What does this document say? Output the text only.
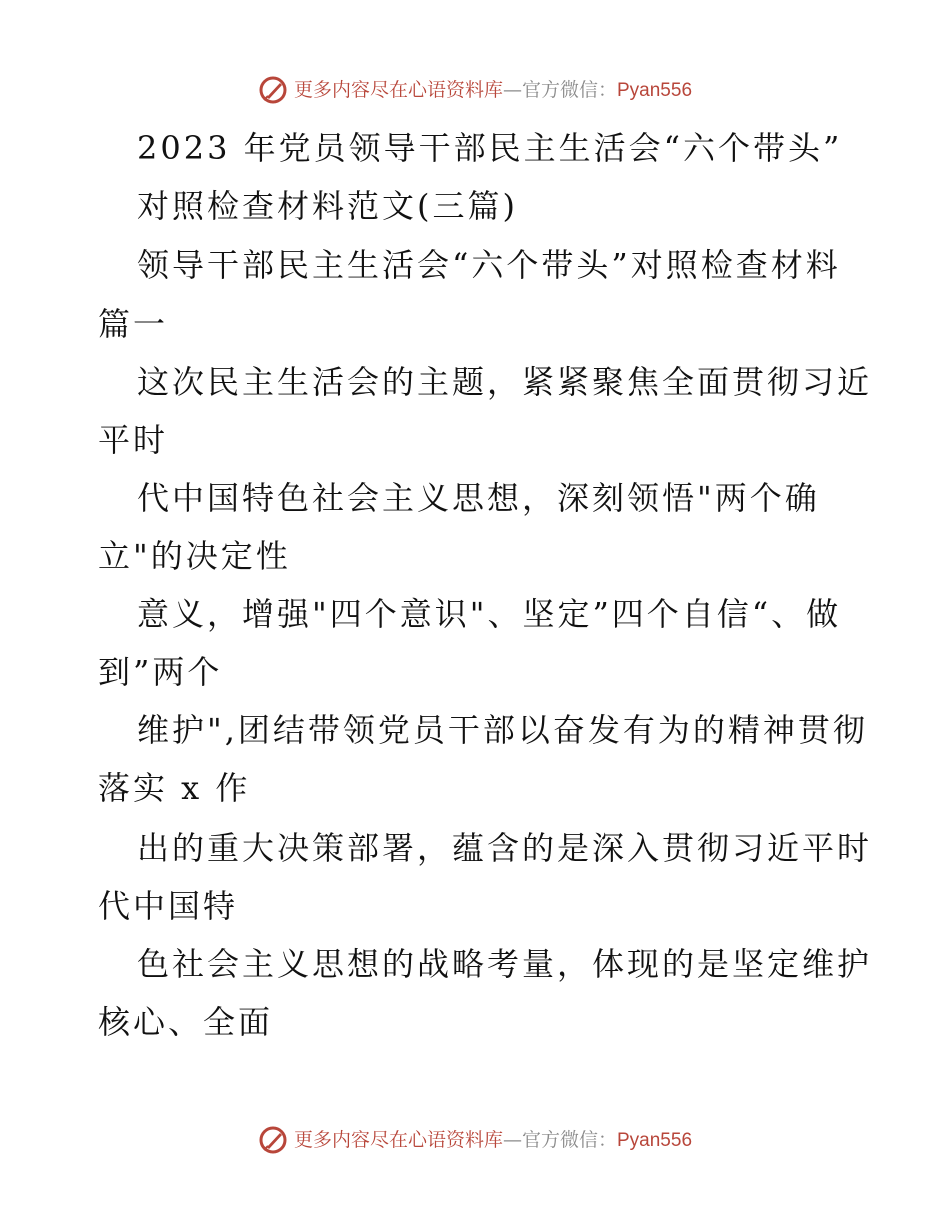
更多内容尽在心语资料库—官方微信：Pyan556
2023 年党员领导干部民主生活会“六个带头”
对照检查材料范文(三篇)
领导干部民主生活会“六个带头”对照检查材料
篇一
这次民主生活会的主题，紧紧聚焦全面贯彻习近
平时
代中国特色社会主义思想，深刻领悟"两个确
立"的决定性
意义，增强"四个意识"、坚定”四个自信“、做
到”两个
维护",团结带领党员干部以奋发有为的精神贯彻
落实 x 作
出的重大决策部署，蕴含的是深入贯彻习近平时
代中国特
色社会主义思想的战略考量，体现的是坚定维护
核心、全面
更多内容尽在心语资料库—官方微信：Pyan556
